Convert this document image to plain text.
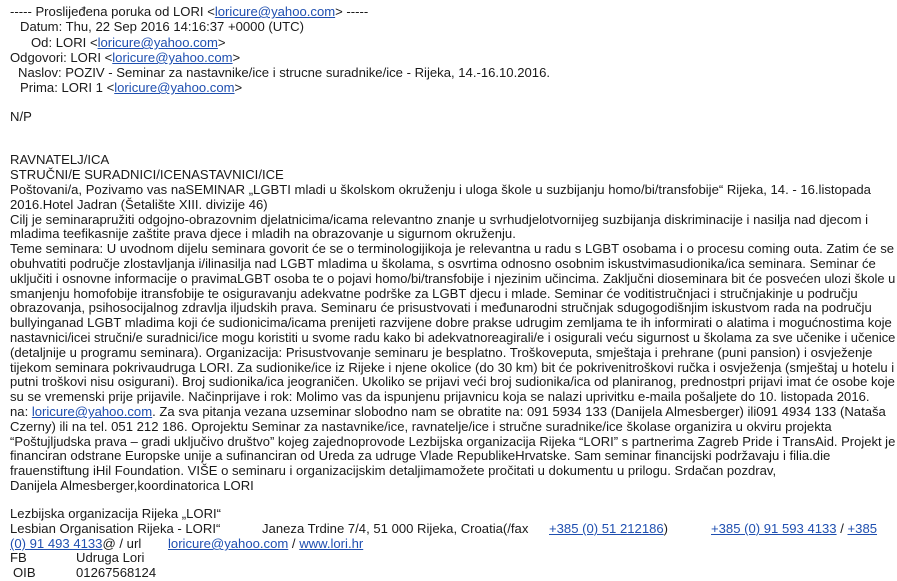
----- Proslijeđena poruka od LORI <loricure@yahoo.com> -----
Datum: Thu, 22 Sep 2016 14:16:37 +0000 (UTC)
Od: LORI <loricure@yahoo.com>
Odgovori: LORI <loricure@yahoo.com>
Naslov: POZIV - Seminar za nastavnike/ice i strucne suradnike/ice - Rijeka, 14.-16.10.2016.
Prima: LORI 1 <loricure@yahoo.com>
N/P
RAVNATELJ/ICA
STRUČNI/E SURADNICI/ICENASTAVNICI/ICE
Poštovani/a, Pozivamo vas naSEMINAR „LGBTI mladi u školskom okruženju i uloga škole u suzbijanju homo/bi/transfobije“ Rijeka, 14. - 16.listopada
2016.Hotel Jadran (Šetalište XIII. divizije 46)
Cilj je seminarapružiti odgojno-obrazovnim djelatnicima/icama relevantno znanje u svrhudjelotvornijeg suzbijanja diskriminacije i nasilja nad djecom i
mladima teefikasnije zaštite prava djece i mladih na obrazovanje u sigurnom okruženju.
Teme seminara: U uvodnom dijelu seminara govorit će se o terminologijikoja je relevantna u radu s LGBT osobama i o procesu coming outa. Zatim će se
obuhvatiti područje zlostavljanja i/ilinasilja nad LGBT mladima u školama, s osvrtima odnosno osobnim iskustvimasudionika/ica seminara. Seminar će
uključiti i osnovne informacije o pravimaLGBT osoba te o pojavi homo/bi/transfobije i njezinim učincima. Zaključni dioseminara bit će posvećen ulozi škole u
smanjenju homofobije itransfobije te osiguravanju adekvatne podrške za LGBT djecu i mlade. Seminar će voditistručnjaci i stručnjakinje u području
obrazovanja, psihosocijalnog zdravlja iljudskih prava. Seminaru će prisustvovati i međunarodni stručnjak sdugogodišnjim iskustvom rada na području
bullyinganad LGBT mladima koji će sudionicima/icama prenijeti razvijene dobre prakse udrugim zemljama te ih informirati o alatima i mogućnostima koje
nastavnici/icei stručni/e suradnici/ice mogu koristiti u svome radu kako bi adekvatnoreagirali/e i osigurali veću sigurnost u školama za sve učenike i učenice
(detaljnije u programu seminara). Organizacija: Prisustvovanje seminaru je besplatno. Troškoveputa, smještaja i prehrane (puni pansion) i osvježenje
tijekom seminara pokrivaudruga LORI. Za sudionike/ice iz Rijeke i njene okolice (do 30 km) bit će pokrivenitroškovi ručka i osvježenja (smještaj u hotelu i
putni troškovi nisu osigurani). Broj sudionika/ica jeograničen. Ukoliko se prijavi veći broj sudionika/ica od planiranog, prednostpri prijavi imat će osobe koje
su se vremenski prije prijavile. Načinprijave i rok: Molimo vas da ispunjenu prijavnicu koja se nalazi uprivitku e-maila pošaljete do 10. listopada 2016.
na: loricure@yahoo.com. Za sva pitanja vezana uzseminar slobodno nam se obratite na: 091 5934 133 (Danijela Almesberger) ili091 4934 133 (Nataša
Czerny) ili na tel. 051 212 186. Oprojektu Seminar za nastavnike/ice, ravnatelje/ice i stručne suradnike/ice školase organizira u okviru projekta
“Poštujljudska prava – gradi uključivo društvo” kojeg zajednoprovode Lezbijska organizacija Rijeka “LORI” s partnerima Zagreb Pride i TransAid. Projekt je
financiran odstrane Europske unije a sufinanciran od Ureda za udruge Vlade RepublikeHrvatske. Sam seminar financijski podržavaju i filia.die
frauenstiftung iHil Foundation. VIŠE o seminaru i organizacijskim detaljimamožete pročitati u dokumentu u prilogu. Srdačan pozdrav,
Danijela Almesberger,koordinatorica LORI
Lezbijska organizacija Rijeka „LORI“
Lesbian Organisation Rijeka - LORI“	Janeza Trdine 7/4, 51 000 Rijeka, Croatia(/fax +385 (0) 51 212186)	+385 (0) 91 593 4133 / +385
(0) 91 493 4133@ / url loricure@yahoo.com / www.lori.hr
FB	Udruga Lori
OIB	01267568124
